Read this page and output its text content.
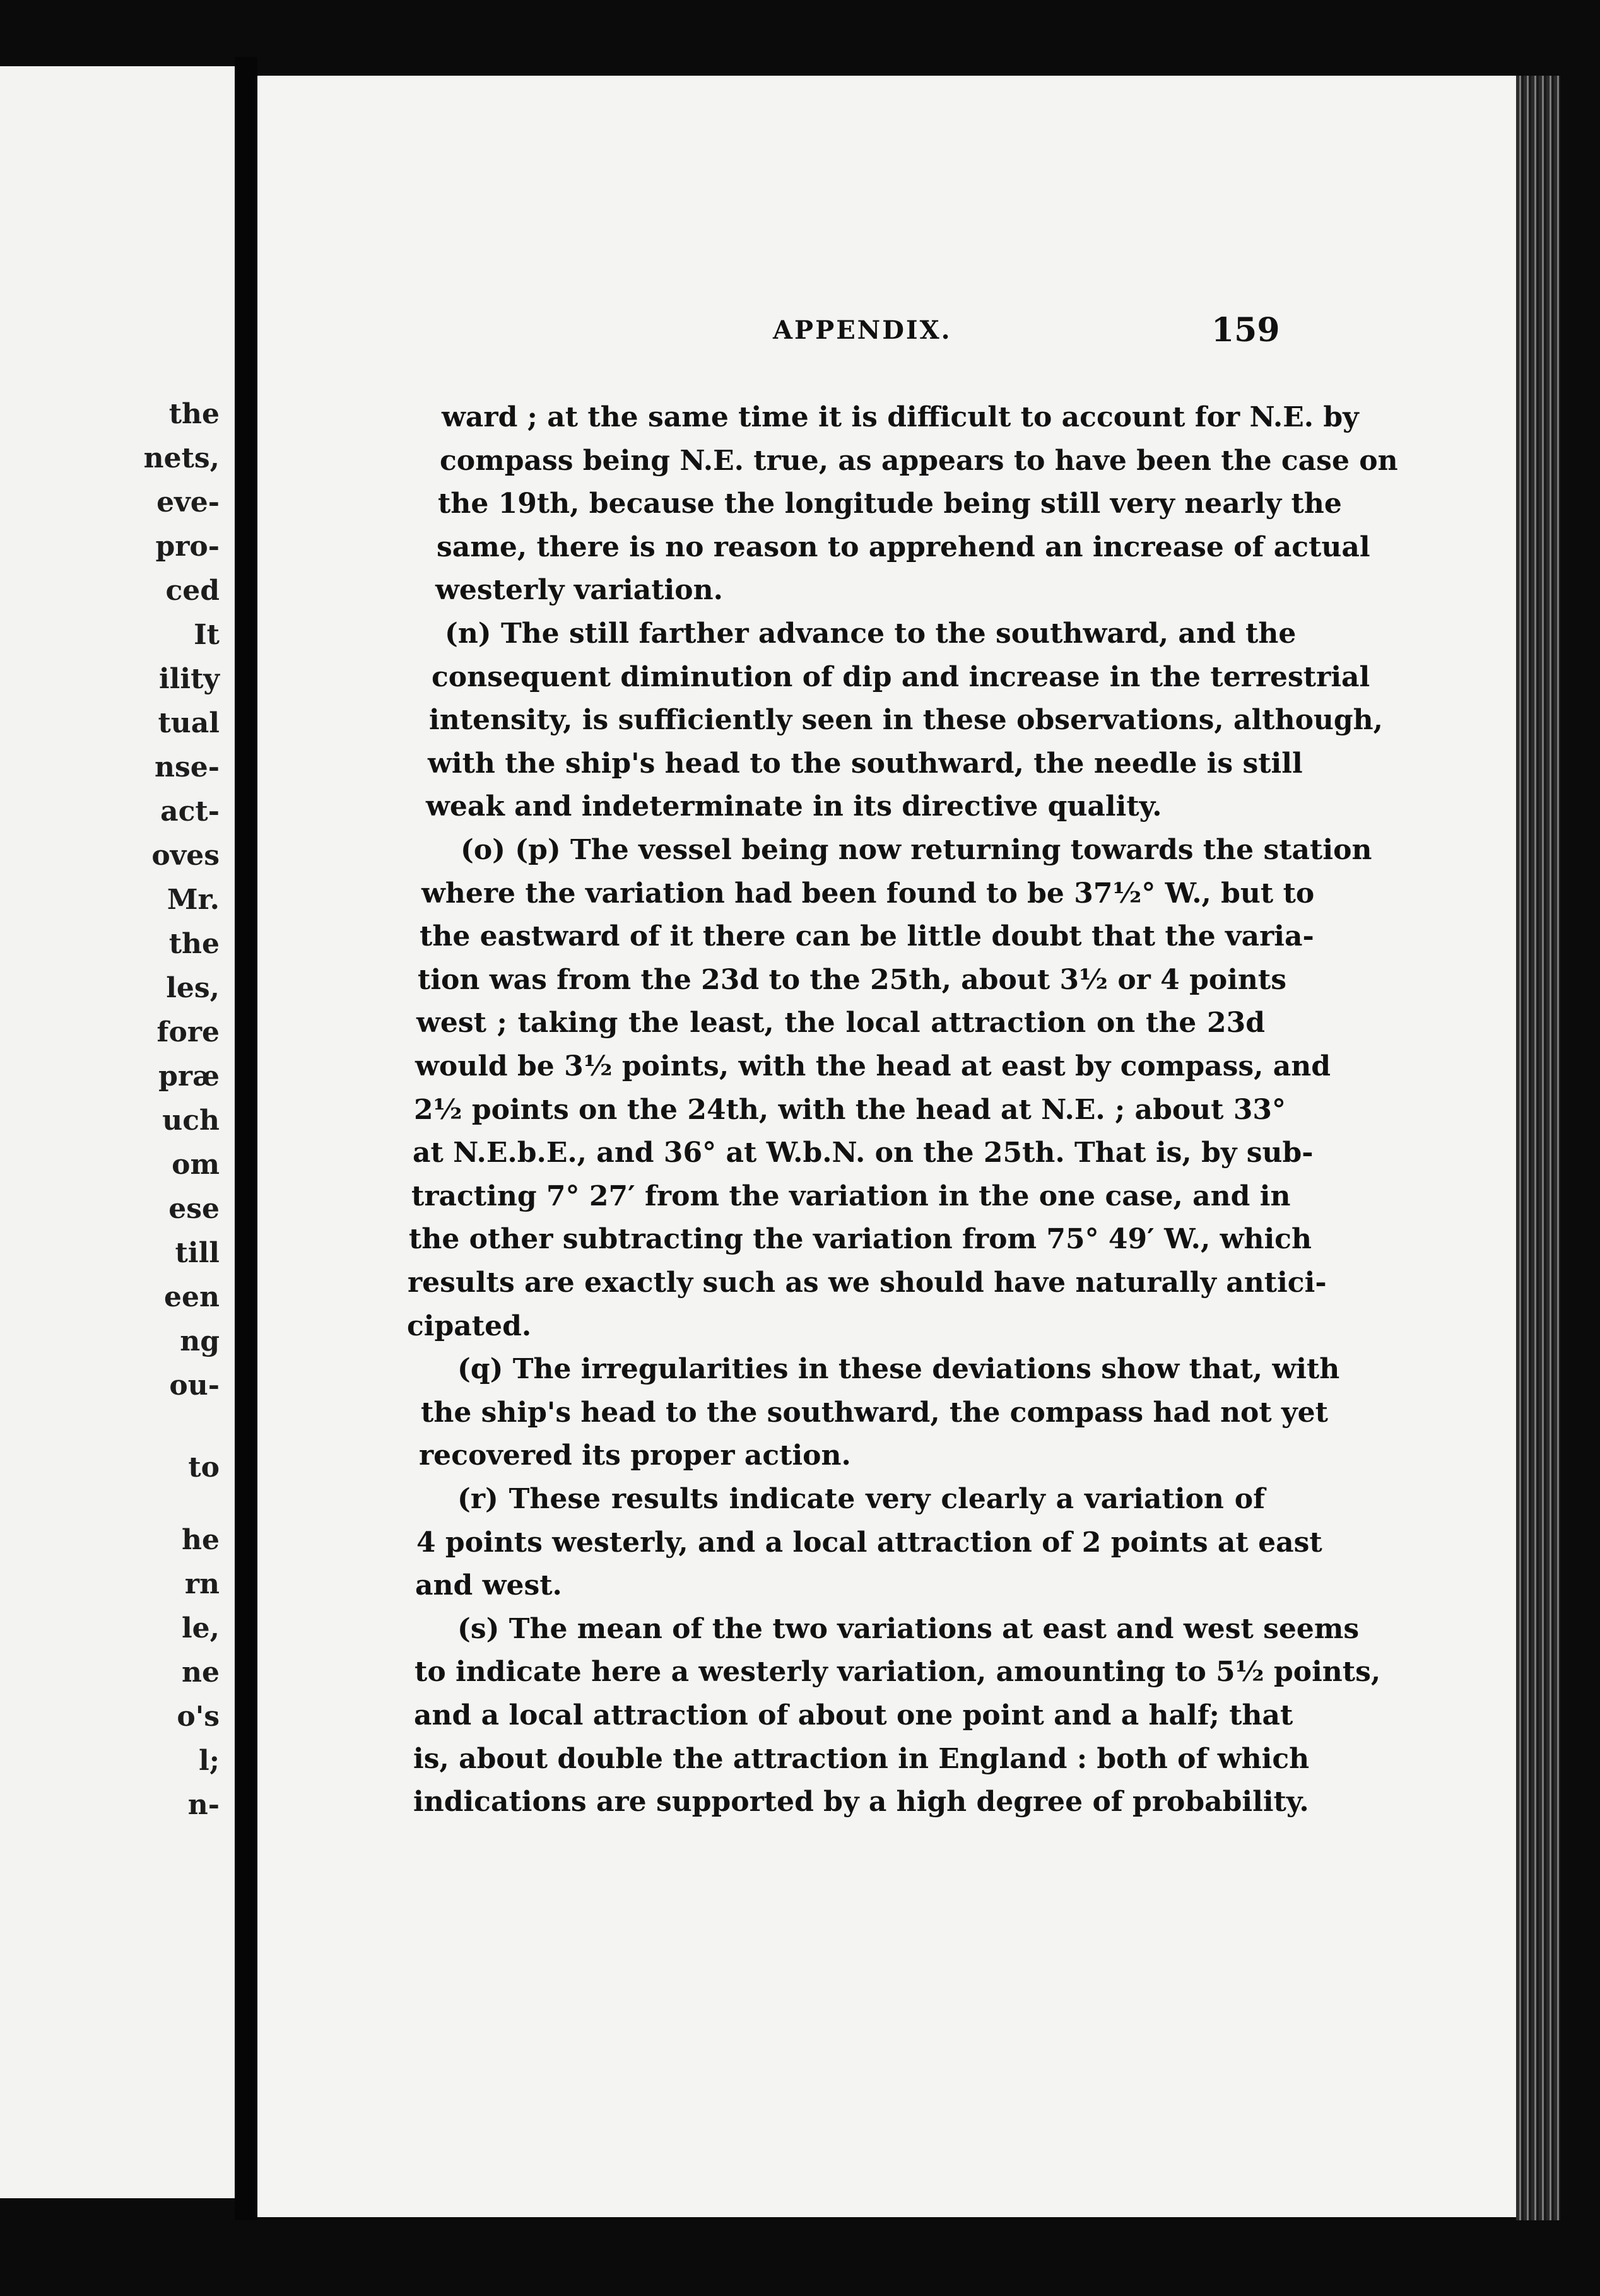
the
nets,
eve-
pro-
ced
It
ility
tual
nse-
act-
oves
Mr.
the
les,
fore
præ
uch
om
ese
till
een
ng
ou-
to
he
rn
le,
ne
o's
l;
n-
APPENDIX.	159
ward ; at the same time it is difficult to account for N.E. by
compass being N.E. true, as appears to have been the case on
the 19th, because the longitude being still very nearly the
same, there is no reason to apprehend an increase of actual
westerly variation.
(n) The still farther advance to the southward, and the
consequent diminution of dip and increase in the terrestrial
intensity, is sufficiently seen in these observations, although,
with the ship's head to the southward, the needle is still
weak and indeterminate in its directive quality.
(o) (p) The vessel being now returning towards the station
where the variation had been found to be 37½° W., but to
the eastward of it there can be little doubt that the varia-
tion was from the 23d to the 25th, about 3½ or 4 points
west ; taking the least, the local attraction on the 23d
would be 3½ points, with the head at east by compass, and
2½ points on the 24th, with the head at N.E. ; about 33°
at N.E.b.E., and 36° at W.b.N. on the 25th. That is, by sub-
tracting 7° 27′ from the variation in the one case, and in
the other subtracting the variation from 75° 49′ W., which
results are exactly such as we should have naturally antici-
cipated.
(q) The irregularities in these deviations show that, with
the ship's head to the southward, the compass had not yet
recovered its proper action.
(r) These results indicate very clearly a variation of
4 points westerly, and a local attraction of 2 points at east
and west.
(s) The mean of the two variations at east and west seems
to indicate here a westerly variation, amounting to 5½ points,
and a local attraction of about one point and a half; that
is, about double the attraction in England : both of which
indications are supported by a high degree of probability.
